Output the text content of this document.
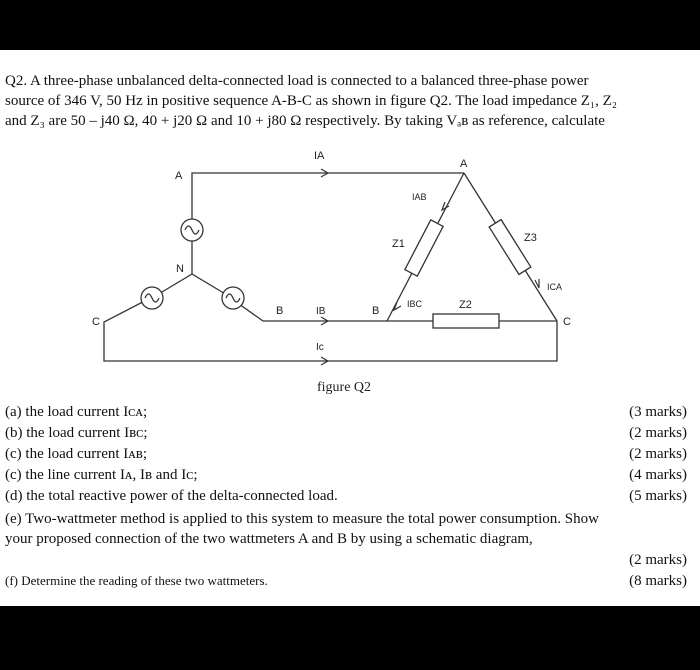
Q2. A three-phase unbalanced delta-connected load is connected to a balanced three-phase power
source of 346 V, 50 Hz in positive sequence A-B-C as shown in figure Q2. The load impedance Z₁, Z₂
and Z₃ are 50 – j40 Ω, 40 + j20 Ω and 10 + j80 Ω respectively. By taking Vₐʙ as reference, calculate
IA
A
A
IAB
Z1	Z3
N
ICA
Z2
C
B	IB	B
IBC
C
Ic
figure Q2
(a) the load current Iᴄᴀ;	(3 marks)
(b) the load current Iʙᴄ;	(2 marks)
(c) the load current Iᴀʙ;	(2 marks)
(c) the line current Iᴀ, Iʙ and Iᴄ;	(4 marks)
(d) the total reactive power of the delta-connected load.	(5 marks)
(e) Two-wattmeter method is applied to this system to measure the total power consumption. Show
your proposed connection of the two wattmeters A and B by using a schematic diagram,
(2 marks)
(f) Determine the reading of these two wattmeters.	(8 marks)
